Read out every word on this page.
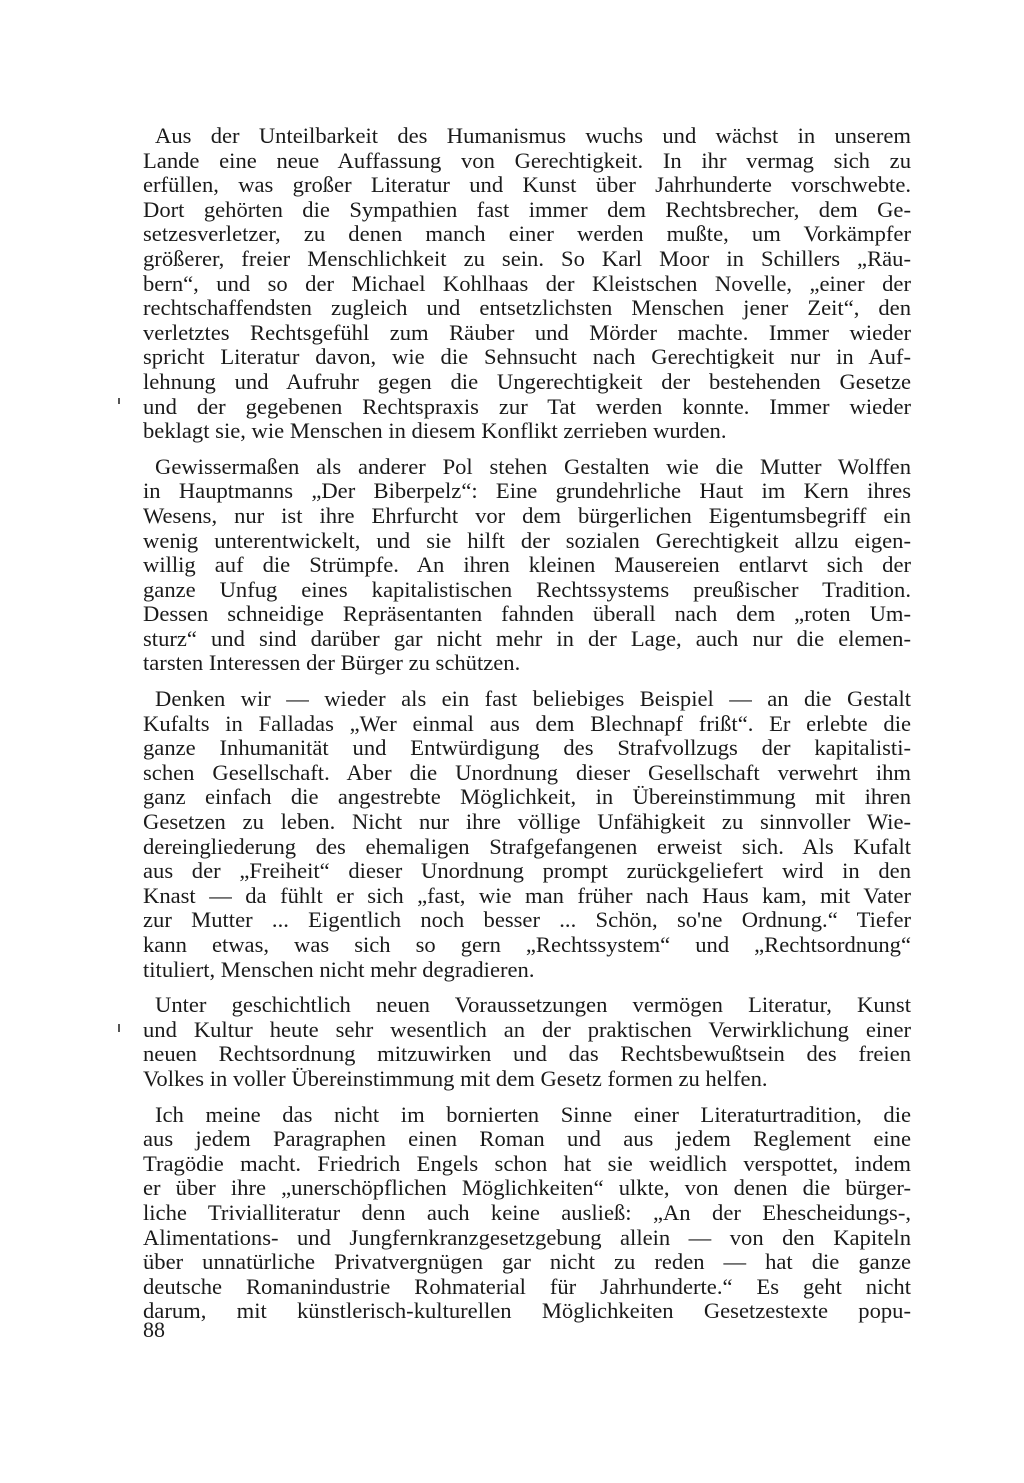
Aus der Unteilbarkeit des Humanismus wuchs und wächst in unserem
Lande eine neue Auffassung von Gerechtigkeit. In ihr vermag sich zu
erfüllen, was großer Literatur und Kunst über Jahrhunderte vorschwebte.
Dort gehörten die Sympathien fast immer dem Rechtsbrecher, dem Ge-
setzesverletzer, zu denen manch einer werden mußte, um Vorkämpfer
größerer, freier Menschlichkeit zu sein. So Karl Moor in Schillers „Räu-
bern“, und so der Michael Kohlhaas der Kleistschen Novelle, „einer der
rechtschaffendsten zugleich und entsetzlichsten Menschen jener Zeit“, den
verletztes Rechtsgefühl zum Räuber und Mörder machte. Immer wieder
spricht Literatur davon, wie die Sehnsucht nach Gerechtigkeit nur in Auf-
lehnung und Aufruhr gegen die Ungerechtigkeit der bestehenden Gesetze
und der gegebenen Rechtspraxis zur Tat werden konnte. Immer wieder
beklagt sie, wie Menschen in diesem Konflikt zerrieben wurden.

Gewissermaßen als anderer Pol stehen Gestalten wie die Mutter Wolffen
in Hauptmanns „Der Biberpelz“: Eine grundehrliche Haut im Kern ihres
Wesens, nur ist ihre Ehrfurcht vor dem bürgerlichen Eigentumsbegriff ein
wenig unterentwickelt, und sie hilft der sozialen Gerechtigkeit allzu eigen-
willig auf die Strümpfe. An ihren kleinen Mausereien entlarvt sich der
ganze Unfug eines kapitalistischen Rechtssystems preußischer Tradition.
Dessen schneidige Repräsentanten fahnden überall nach dem „roten Um-
sturz“ und sind darüber gar nicht mehr in der Lage, auch nur die elemen-
tarsten Interessen der Bürger zu schützen.

Denken wir — wieder als ein fast beliebiges Beispiel — an die Gestalt
Kufalts in Falladas „Wer einmal aus dem Blechnapf frißt“. Er erlebte die
ganze Inhumanität und Entwürdigung des Strafvollzugs der kapitalisti-
schen Gesellschaft. Aber die Unordnung dieser Gesellschaft verwehrt ihm
ganz einfach die angestrebte Möglichkeit, in Übereinstimmung mit ihren
Gesetzen zu leben. Nicht nur ihre völlige Unfähigkeit zu sinnvoller Wie-
dereingliederung des ehemaligen Strafgefangenen erweist sich. Als Kufalt
aus der „Freiheit“ dieser Unordnung prompt zurückgeliefert wird in den
Knast — da fühlt er sich „fast, wie man früher nach Haus kam, mit Vater
zur Mutter ... Eigentlich noch besser ... Schön, so'ne Ordnung.“ Tiefer
kann etwas, was sich so gern „Rechtssystem“ und „Rechtsordnung“
tituliert, Menschen nicht mehr degradieren.

Unter geschichtlich neuen Voraussetzungen vermögen Literatur, Kunst
und Kultur heute sehr wesentlich an der praktischen Verwirklichung einer
neuen Rechtsordnung mitzuwirken und das Rechtsbewußtsein des freien
Volkes in voller Übereinstimmung mit dem Gesetz formen zu helfen.

Ich meine das nicht im bornierten Sinne einer Literaturtradition, die
aus jedem Paragraphen einen Roman und aus jedem Reglement eine
Tragödie macht. Friedrich Engels schon hat sie weidlich verspottet, indem
er über ihre „unerschöpflichen Möglichkeiten“ ulkte, von denen die bürger-
liche Trivialliteratur denn auch keine ausließ: „An der Ehescheidungs-,
Alimentations- und Jungfernkranzgesetzgebung allein — von den Kapiteln
über unnatürliche Privatvergnügen gar nicht zu reden — hat die ganze
deutsche Romanindustrie Rohmaterial für Jahrhunderte.“ Es geht nicht
darum, mit künstlerisch-kulturellen Möglichkeiten Gesetzestexte popu-

88
